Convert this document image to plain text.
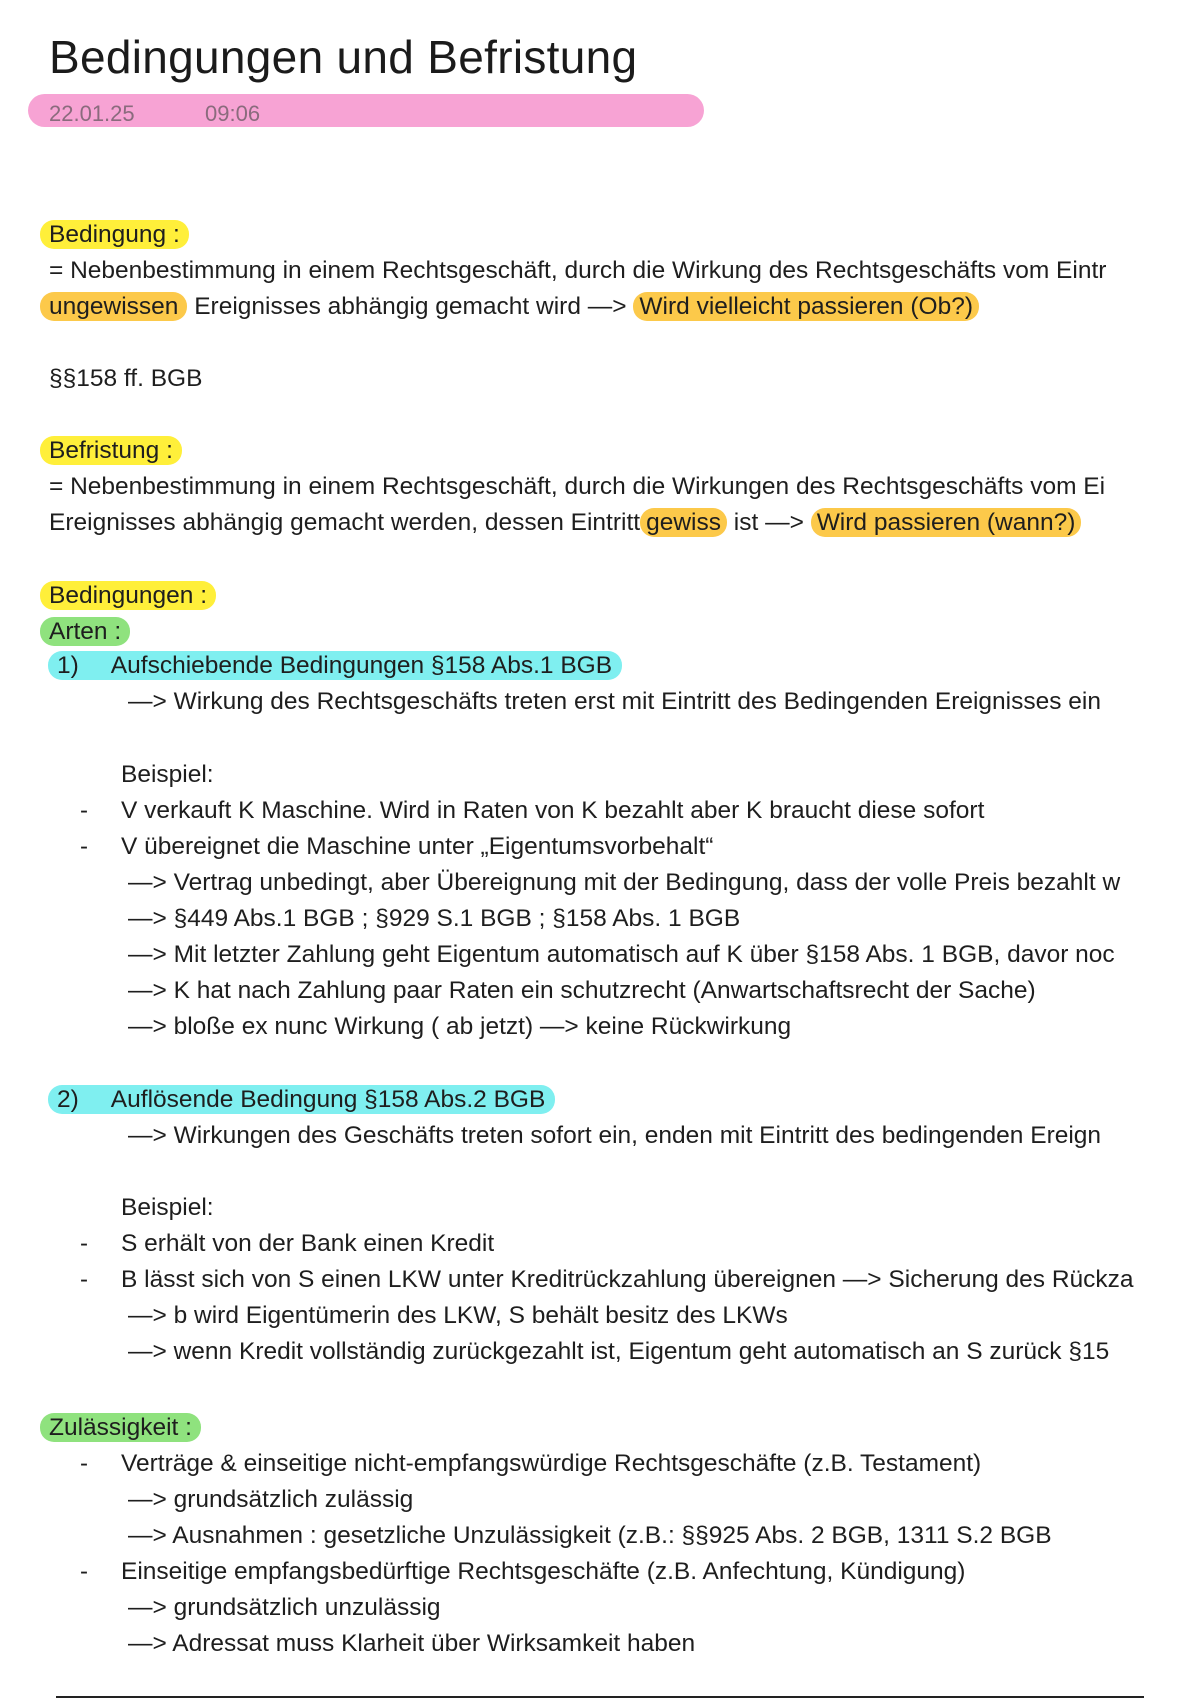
Bedingungen und Befristung
22.01.25	09:06
Bedingung :
= Nebenbestimmung in einem Rechtsgeschäft, durch die Wirkung des Rechtsgeschäfts vom Eintr
ungewissen Ereignisses abhängig gemacht wird —> Wird vielleicht passieren (Ob?)
§§158 ff. BGB
Befristung :
= Nebenbestimmung in einem Rechtsgeschäft, durch die Wirkungen des Rechtsgeschäfts vom Ei
Ereignisses abhängig gemacht werden, dessen Eintritt gewiss ist —> Wird passieren (wann?)
Bedingungen :
Arten :
1) Aufschiebende Bedingungen §158 Abs.1 BGB
—> Wirkung des Rechtsgeschäfts treten erst mit Eintritt des Bedingenden Ereignisses ein
Beispiel:
- V verkauft K Maschine. Wird in Raten von K bezahlt aber K braucht diese sofort
- V übereignet die Maschine unter „Eigentumsvorbehalt“
—> Vertrag unbedingt, aber Übereignung mit der Bedingung, dass der volle Preis bezahlt w
—> §449 Abs.1 BGB ; §929 S.1 BGB ; §158 Abs. 1 BGB
—> Mit letzter Zahlung geht Eigentum automatisch auf K über §158 Abs. 1 BGB, davor noc
—> K hat nach Zahlung paar Raten ein schutzrecht (Anwartschaftsrecht der Sache)
—> bloße ex nunc Wirkung ( ab jetzt) —> keine Rückwirkung
2) Auflösende Bedingung §158 Abs.2 BGB
—> Wirkungen des Geschäfts treten sofort ein, enden mit Eintritt des bedingenden Ereign
Beispiel:
- S erhält von der Bank einen Kredit
- B lässt sich von S einen LKW unter Kreditrückzahlung übereignen —> Sicherung des Rückza
—> b wird Eigentümerin des LKW, S behält besitz des LKWs
—> wenn Kredit vollständig zurückgezahlt ist, Eigentum geht automatisch an S zurück §15
Zulässigkeit :
- Verträge & einseitige nicht-empfangswürdige Rechtsgeschäfte (z.B. Testament)
—> grundsätzlich zulässig
—> Ausnahmen : gesetzliche Unzulässigkeit (z.B.: §§925 Abs. 2 BGB, 1311 S.2 BGB
- Einseitige empfangsbedürftige Rechtsgeschäfte (z.B. Anfechtung, Kündigung)
—> grundsätzlich unzulässig
—> Adressat muss Klarheit über Wirksamkeit haben
